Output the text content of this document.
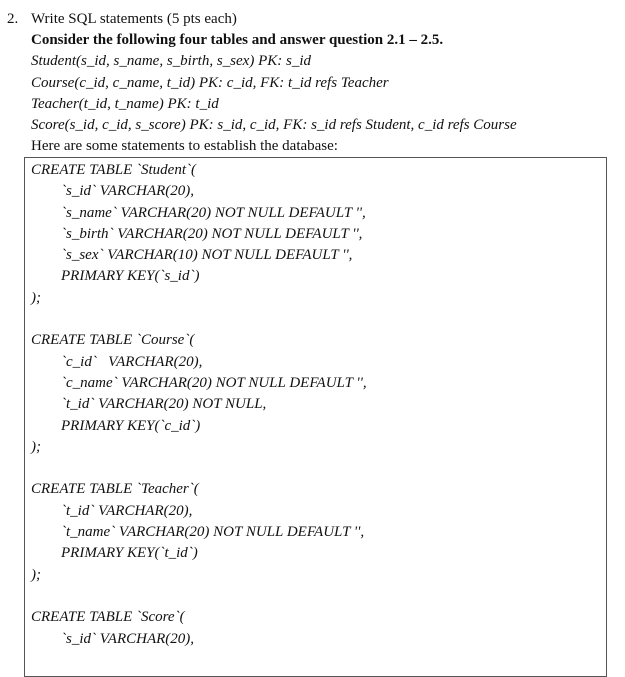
2. Write SQL statements (5 pts each)
Consider the following four tables and answer question 2.1 – 2.5.
Student(s_id, s_name, s_birth, s_sex) PK: s_id
Course(c_id, c_name, t_id) PK: c_id, FK: t_id refs Teacher
Teacher(t_id, t_name) PK: t_id
Score(s_id, c_id, s_score) PK: s_id, c_id, FK: s_id refs Student, c_id refs Course
Here are some statements to establish the database:
CREATE TABLE `Student`(
`s_id` VARCHAR(20),
`s_name` VARCHAR(20) NOT NULL DEFAULT '',
`s_birth` VARCHAR(20) NOT NULL DEFAULT '',
`s_sex` VARCHAR(10) NOT NULL DEFAULT '',
PRIMARY KEY(`s_id`)
);

CREATE TABLE `Course`(
`c_id`   VARCHAR(20),
`c_name` VARCHAR(20) NOT NULL DEFAULT '',
`t_id` VARCHAR(20) NOT NULL,
PRIMARY KEY(`c_id`)
);

CREATE TABLE `Teacher`(
`t_id` VARCHAR(20),
`t_name` VARCHAR(20) NOT NULL DEFAULT '',
PRIMARY KEY(`t_id`)
);

CREATE TABLE `Score`(
`s_id` VARCHAR(20),
